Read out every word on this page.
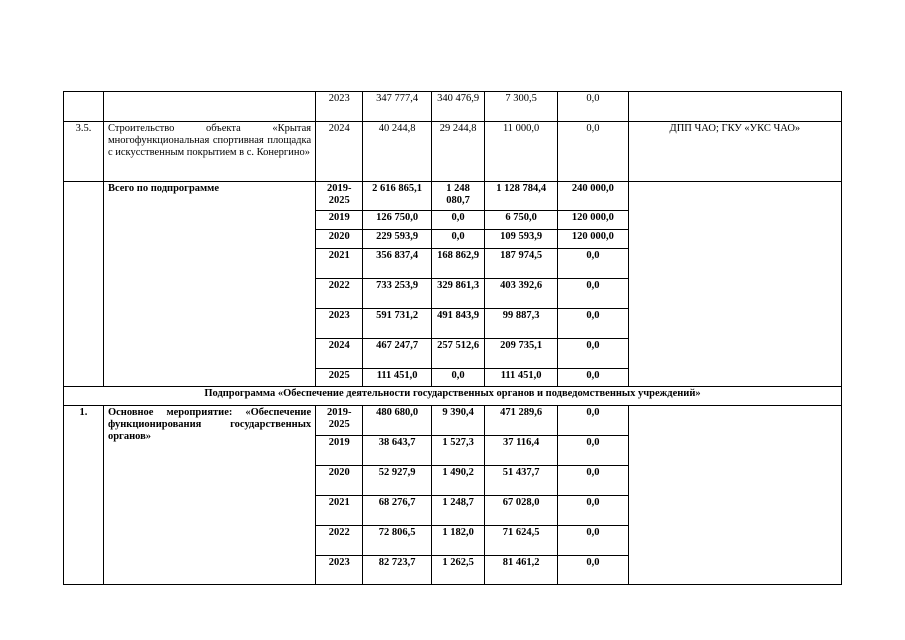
		2023	347 777,4	340 476,9	7 300,5	0,0	
3.5.	Строительство объекта «Крытая многофункциональная спортивная площадка с искусственным покрытием в с. Конергино»	2024	40 244,8	29 244,8	11 000,0	0,0	ДПП ЧАО; ГКУ «УКС ЧАО»
	Всего по подпрограмме	2019-2025	2 616 865,1	1 248 080,7	1 128 784,4	240 000,0	
		2019	126 750,0	0,0	6 750,0	120 000,0	
		2020	229 593,9	0,0	109 593,9	120 000,0	
		2021	356 837,4	168 862,9	187 974,5	0,0	
		2022	733 253,9	329 861,3	403 392,6	0,0	
		2023	591 731,2	491 843,9	99 887,3	0,0	
		2024	467 247,7	257 512,6	209 735,1	0,0	
		2025	111 451,0	0,0	111 451,0	0,0	
Подпрограмма «Обеспечение деятельности государственных органов и подведомственных учреждений»							
1.	Основное мероприятие: «Обеспечение функционирования государственных органов»	2019-2025	480 680,0	9 390,4	471 289,6	0,0	
		2019	38 643,7	1 527,3	37 116,4	0,0	
		2020	52 927,9	1 490,2	51 437,7	0,0	
		2021	68 276,7	1 248,7	67 028,0	0,0	
		2022	72 806,5	1 182,0	71 624,5	0,0	
		2023	82 723,7	1 262,5	81 461,2	0,0	
